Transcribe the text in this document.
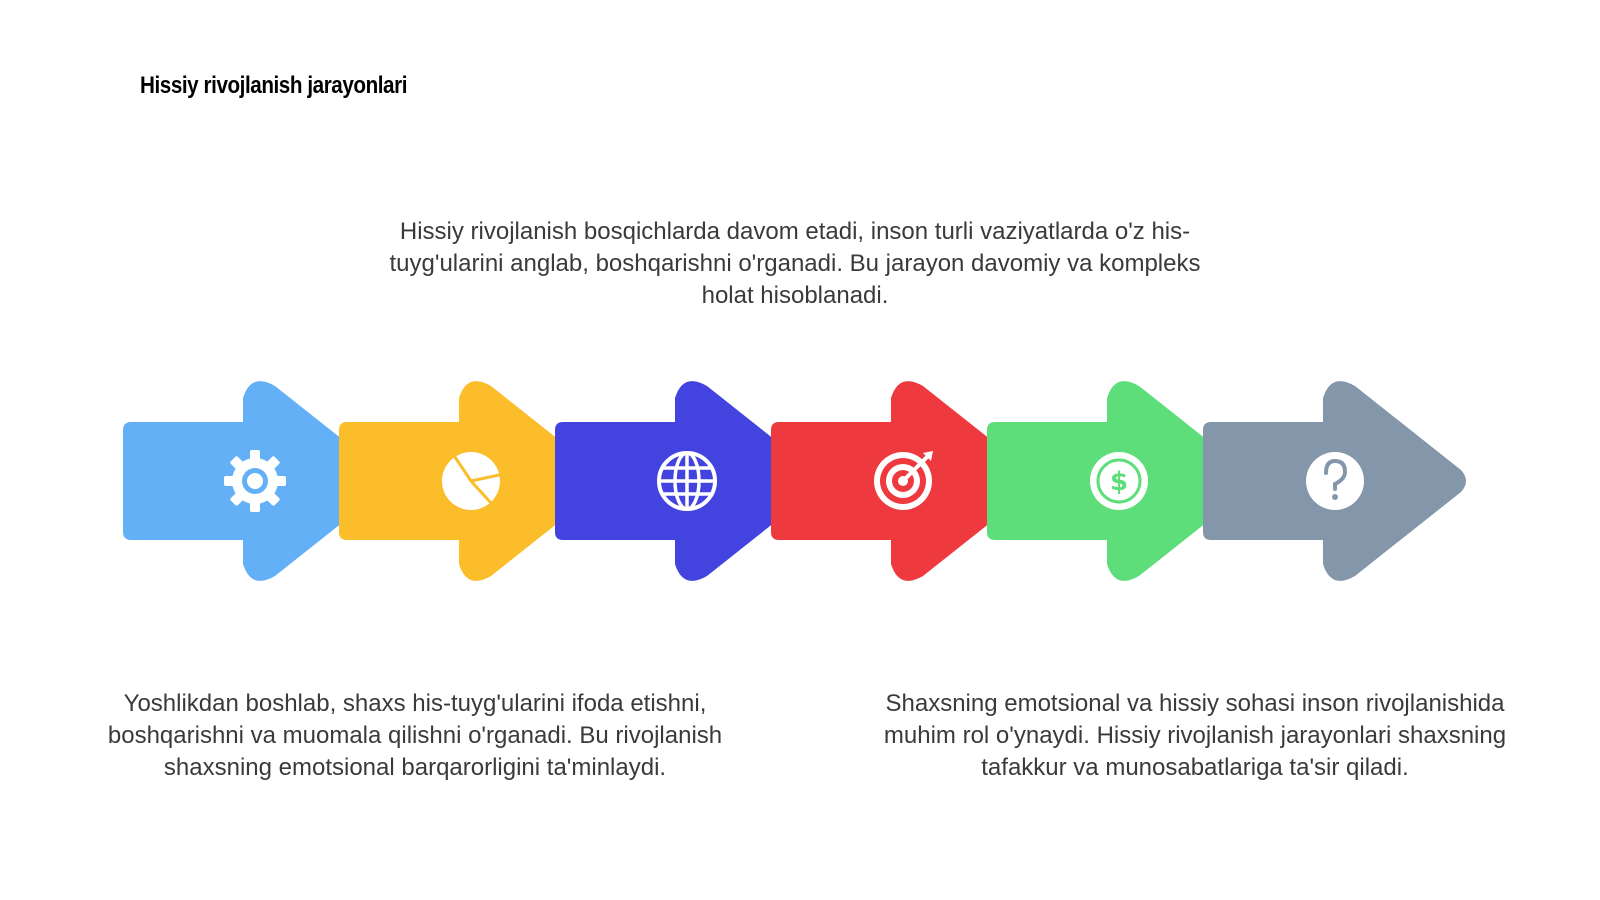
Hissiy rivojlanish jarayonlari
Hissiy rivojlanish bosqichlarda davom etadi, inson turli vaziyatlarda o'z his-tuyg'ularini anglab, boshqarishni o'rganadi. Bu jarayon davomiy va kompleks holat hisoblanadi.
$
Yoshlikdan boshlab, shaxs his-tuyg'ularini ifoda etishni, boshqarishni va muomala qilishni o'rganadi. Bu rivojlanish shaxsning emotsional barqarorligini ta'minlaydi.
Shaxsning emotsional va hissiy sohasi inson rivojlanishida muhim rol o'ynaydi. Hissiy rivojlanish jarayonlari shaxsning tafakkur va munosabatlariga ta'sir qiladi.
